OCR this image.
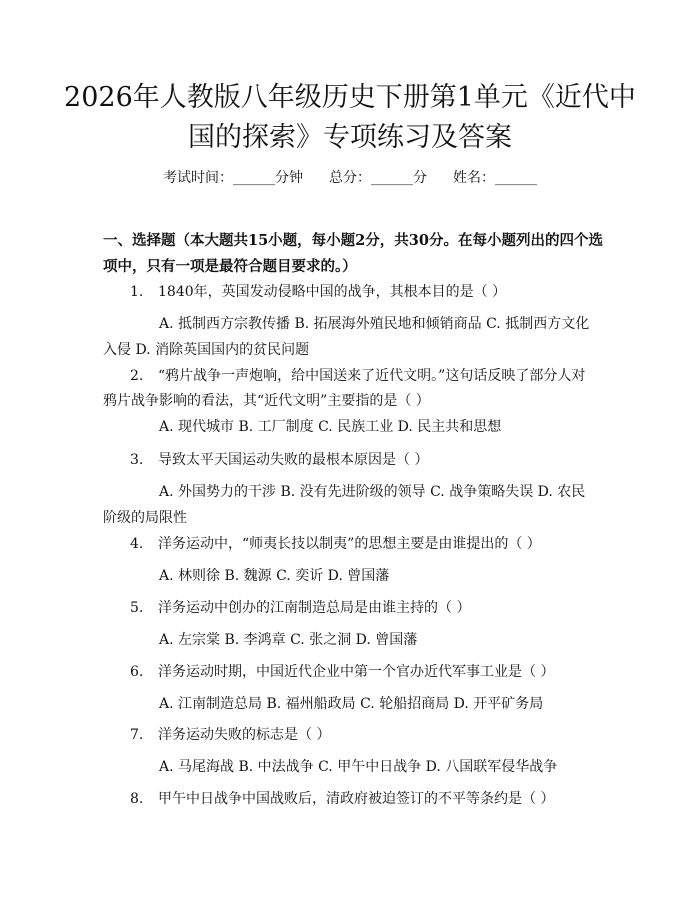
2026年人教版八年级历史下册第1单元《近代中国的探索》专项练习及答案
考试时间：______分钟 总分：______分 姓名：______

一、选择题（本大题共15小题，每小题2分，共30分。在每小题列出的四个选项中，只有一项是最符合题目要求的。）

1. 1840年，英国发动侵略中国的战争，其根本目的是（ ）

A. 抵制西方宗教传播 B. 拓展海外殖民地和倾销商品 C. 抵制西方文化入侵 D. 消除英国国内的贫民问题

2. “鸦片战争一声炮响，给中国送来了近代文明。”这句话反映了部分人对鸦片战争影响的看法，其“近代文明”主要指的是（ ）

A. 现代城市 B. 工厂制度 C. 民族工业 D. 民主共和思想

3. 导致太平天国运动失败的最根本原因是（ ）

A. 外国势力的干涉 B. 没有先进阶级的领导 C. 战争策略失误 D. 农民阶级的局限性

4. 洋务运动中，“师夷长技以制夷”的思想主要是由谁提出的（ ）

A. 林则徐 B. 魏源 C. 奕䜣 D. 曾国藩

5. 洋务运动中创办的江南制造总局是由谁主持的（ ）

A. 左宗棠 B. 李鸿章 C. 张之洞 D. 曾国藩

6. 洋务运动时期，中国近代企业中第一个官办近代军事工业是（ ）

A. 江南制造总局 B. 福州船政局 C. 轮船招商局 D. 开平矿务局

7. 洋务运动失败的标志是（ ）

A. 马尾海战 B. 中法战争 C. 甲午中日战争 D. 八国联军侵华战争

8. 甲午中日战争中国战败后，清政府被迫签订的不平等条约是（ ）
